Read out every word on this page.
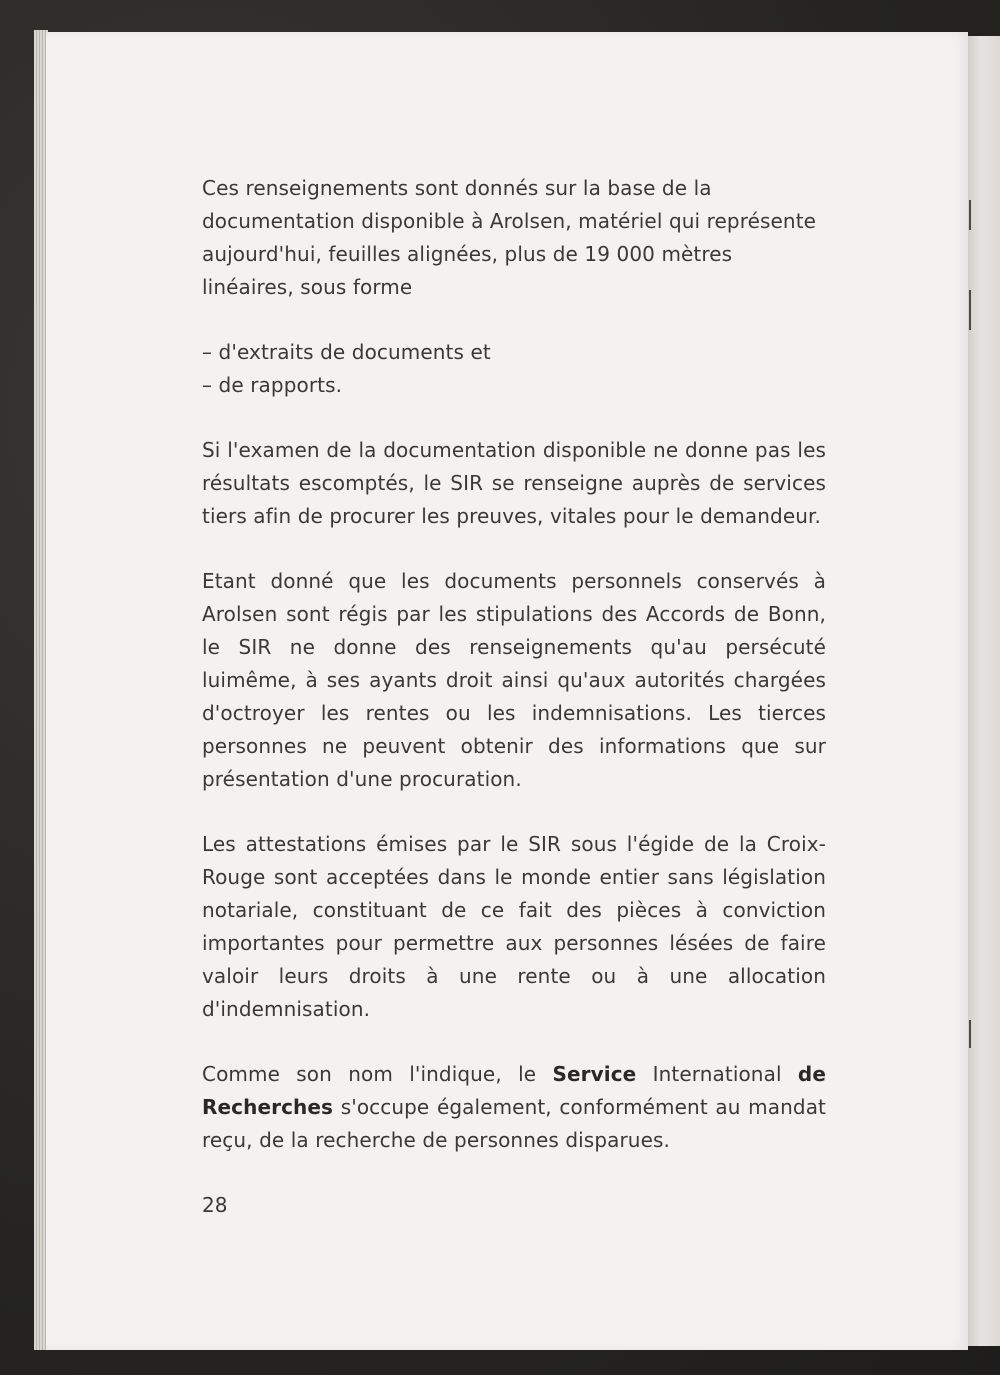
Ces renseignements sont donnés sur la base de la documentation disponible à Arolsen, matériel qui représente aujourd'hui, feuilles alignées, plus de 19 000 mètres linéaires, sous forme

– d'extraits de documents et
– de rapports.

Si l'examen de la documentation disponible ne donne pas les résultats escomptés, le SIR se renseigne auprès de services tiers afin de procurer les preuves, vitales pour le demandeur.

Etant donné que les documents personnels conservés à Arolsen sont régis par les stipulations des Accords de Bonn, le SIR ne donne des renseignements qu'au persécuté luimême, à ses ayants droit ainsi qu'aux autorités chargées d'octroyer les rentes ou les indemnisations. Les tierces personnes ne peuvent obtenir des informations que sur présentation d'une procuration.

Les attestations émises par le SIR sous l'égide de la Croix-Rouge sont acceptées dans le monde entier sans législation notariale, constituant de ce fait des pièces à conviction importantes pour permettre aux personnes lésées de faire valoir leurs droits à une rente ou à une allocation d'indemnisation.

Comme son nom l'indique, le Service International de Recherches s'occupe également, conformément au mandat reçu, de la recherche de personnes disparues.

28
